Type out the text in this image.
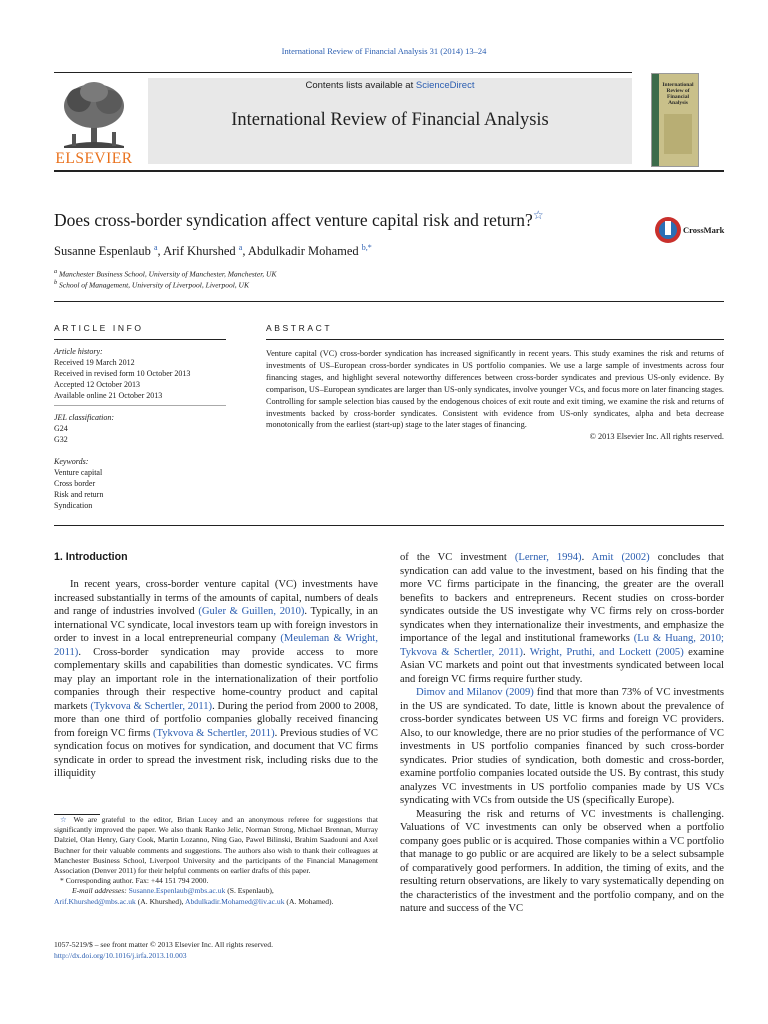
International Review of Financial Analysis 31 (2014) 13–24
ELSEVIER
Contents lists available at ScienceDirect
International Review of Financial Analysis
International Review of Financial Analysis
Does cross-border syndication affect venture capital risk and return?☆
CrossMark
Susanne Espenlaub $^a$, Arif Khurshed $^a$, Abdulkadir Mohamed $^{b,*}$
$^a$ Manchester Business School, University of Manchester, Manchester, UK
$^b$ School of Management, University of Liverpool, Liverpool, UK
ARTICLE INFO
Article history:
Received 19 March 2012
Received in revised form 10 October 2013
Accepted 12 October 2013
Available online 21 October 2013
JEL classification:
G24
G32
Keywords:
Venture capital
Cross border
Risk and return
Syndication
ABSTRACT
Venture capital (VC) cross-border syndication has increased significantly in recent years. This study examines the risk and returns of investments of US–European cross-border syndicates in US portfolio companies. We use a large sample of investments across four financing stages, and highlight several noteworthy differences between cross-border syndicates and previous US-only evidence. By comparison, US–European syndicates are larger than US-only syndicates, involve younger VCs, and focus more on later financing stages. Controlling for sample selection bias caused by the endogenous choices of exit route and exit timing, we examine the risk and returns of investments backed by cross-border syndicates. Consistent with evidence from US-only syndicates, alpha and beta decrease monotonically from the earliest (start-up) stage to the later stages of financing.
© 2013 Elsevier Inc. All rights reserved.
1. Introduction
In recent years, cross-border venture capital (VC) investments have increased substantially in terms of the amounts of capital, numbers of deals and range of industries involved (Guler & Guillen, 2010). Typically, in an international VC syndicate, local investors team up with foreign investors in order to invest in a local entrepreneurial company (Meuleman & Wright, 2011). Cross-border syndication may provide access to more complementary skills and capabilities than domestic syndicates. VC firms may play an important role in the internationalization of their portfolio companies through their respective home-country product and capital markets (Tykvova & Schertler, 2011). During the period from 2000 to 2008, more than one third of portfolio companies globally received financing from foreign VC firms (Tykvova & Schertler, 2011). Previous studies of VC syndication focus on motives for syndication, and document that VC firms syndicate in order to spread the investment risk, including risks due to the illiquidity
☆ We are grateful to the editor, Brian Lucey and an anonymous referee for suggestions that significantly improved the paper. We also thank Ranko Jelic, Norman Strong, Michael Brennan, Murray Dalziel, Olan Henry, Gary Cook, Martin Lozanno, Ning Gao, Pawel Bilinski, Brahim Saadouni and Axel Buchner for their valuable comments and suggestions. The authors also wish to thank their colleagues at Manchester Business School, Liverpool University and the participants of the Financial Management Association (Denver 2011) for their helpful comments on earlier drafts of this paper.
* Corresponding author. Fax: +44 151 794 2000.
E-mail addresses: Susanne.Espenlaub@mbs.ac.uk (S. Espenlaub),
Arif.Khurshed@mbs.ac.uk (A. Khurshed), Abdulkadir.Mohamed@liv.ac.uk (A. Mohamed).
1057-5219/$ – see front matter © 2013 Elsevier Inc. All rights reserved.
http://dx.doi.org/10.1016/j.irfa.2013.10.003
of the VC investment (Lerner, 1994). Amit (2002) concludes that syndication can add value to the investment, based on his finding that the more VC firms participate in the financing, the greater are the overall benefits to backers and entrepreneurs. Recent studies on cross-border syndicates outside the US investigate why VC firms rely on cross-border syndicates when they internationalize their investments, and emphasize the importance of the legal and institutional frameworks (Lu & Huang, 2010; Tykvova & Schertler, 2011). Wright, Pruthi, and Lockett (2005) examine Asian VC markets and point out that investments syndicated between local and foreign VC firms require further study.
Dimov and Milanov (2009) find that more than 73% of VC investments in the US are syndicated. To date, little is known about the prevalence of cross-border syndicates between US VC firms and foreign VC providers. Also, to our knowledge, there are no prior studies of the performance of VC investments in US portfolio companies financed by such cross-border syndicates. Prior studies of syndication, both domestic and cross-border, examine portfolio companies located outside the US. By contrast, this study analyzes VC investments in US portfolio companies made by US VCs syndicating with VCs from outside the US (specifically Europe).
Measuring the risk and returns of VC investments is challenging. Valuations of VC investments can only be observed when a portfolio company goes public or is acquired. Those companies within a VC portfolio that manage to go public or are acquired are likely to be a select subsample of comparatively good performers. In addition, the timing of exits, and the resulting return observations, are likely to vary systematically depending on the characteristics of the investment and the portfolio company, and on the nature and success of the VC
